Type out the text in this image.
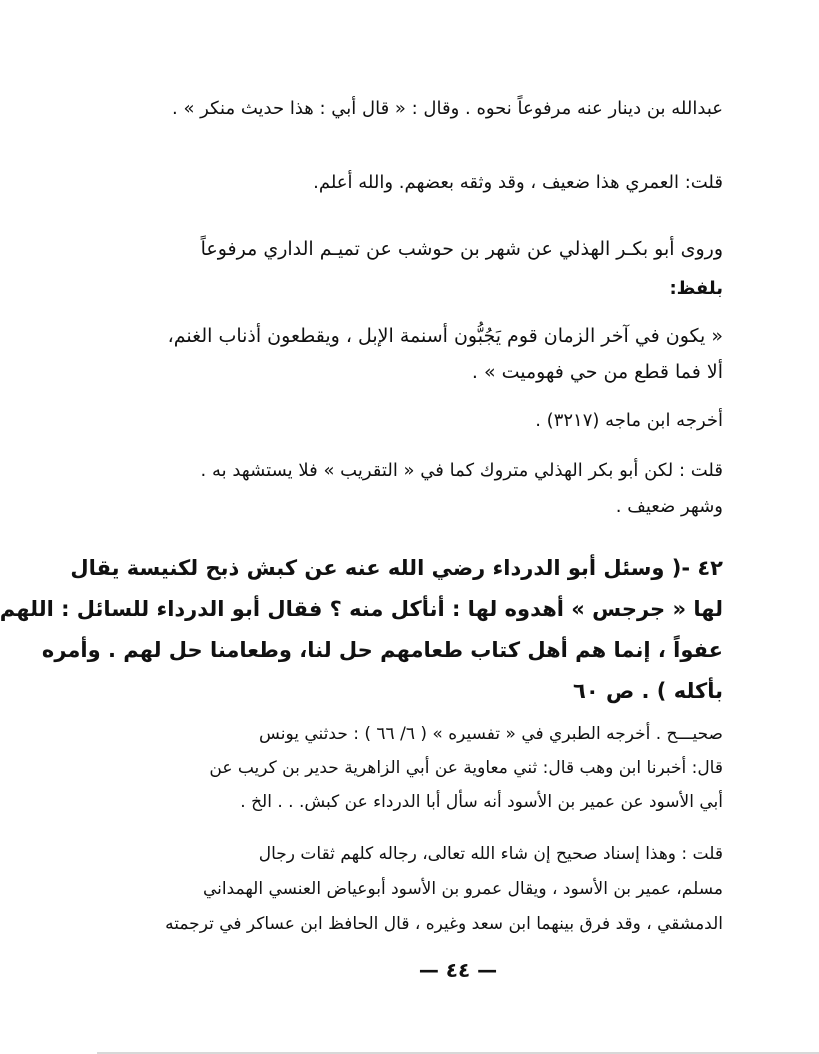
عبدالله بن دينار عنه مرفوعاً نحوه . وقال : « قال أبي : هذا حديث منكر » .
قلت: العمري هذا ضعيف ، وقد وثقه بعضهم. والله أعلم.
وروى أبو بكـر الهذلي عن شهر بن حوشب عن تميـم الداري مرفوعاً
بلفظ:
« يكون في آخر الزمان قوم يَجُبُّون أسنمة الإبل ، ويقطعون أذناب الغنم،
ألا فما قطع من حي فهوميت » .
أخرجه ابن ماجه (٣٢١٧) .
قلت : لكن أبو بكر الهذلي متروك كما في « التقريب » فلا يستشهد به .
وشهر ضعيف .
٤٢ -( وسئل أبو الدرداء رضي الله عنه عن كبش ذبح لكنيسة يقال
لها « جرجس » أهدوه لها : أنأكل منه ؟ فقال أبو الدرداء للسائل : اللهم
عفواً ، إنما هم أهل كتاب طعامهم حل لنا، وطعامنا حل لهم . وأمره
بأكله ) . ص ٦٠
صحيـــح . أخرجه الطبري في « تفسيره » ( ٦/ ٦٦ ) : حدثني يونس
قال: أخبرنا ابن وهب قال: ثني معاوية عن أبي الزاهرية حدير بن كريب عن
أبي الأسود عن عمير بن الأسود أنه سأل أبا الدرداء عن كبش. . . الخ .
قلت : وهذا إسناد صحيح إن شاء الله تعالى، رجاله كلهم ثقات رجال
مسلم، عمير بن الأسود ، ويقال عمرو بن الأسود أبوعياض العنسي الهمداني
الدمشقي ، وقد فرق بينهما ابن سعد وغيره ، قال الحافظ ابن عساكر في ترجمته
— ٤٤ —
